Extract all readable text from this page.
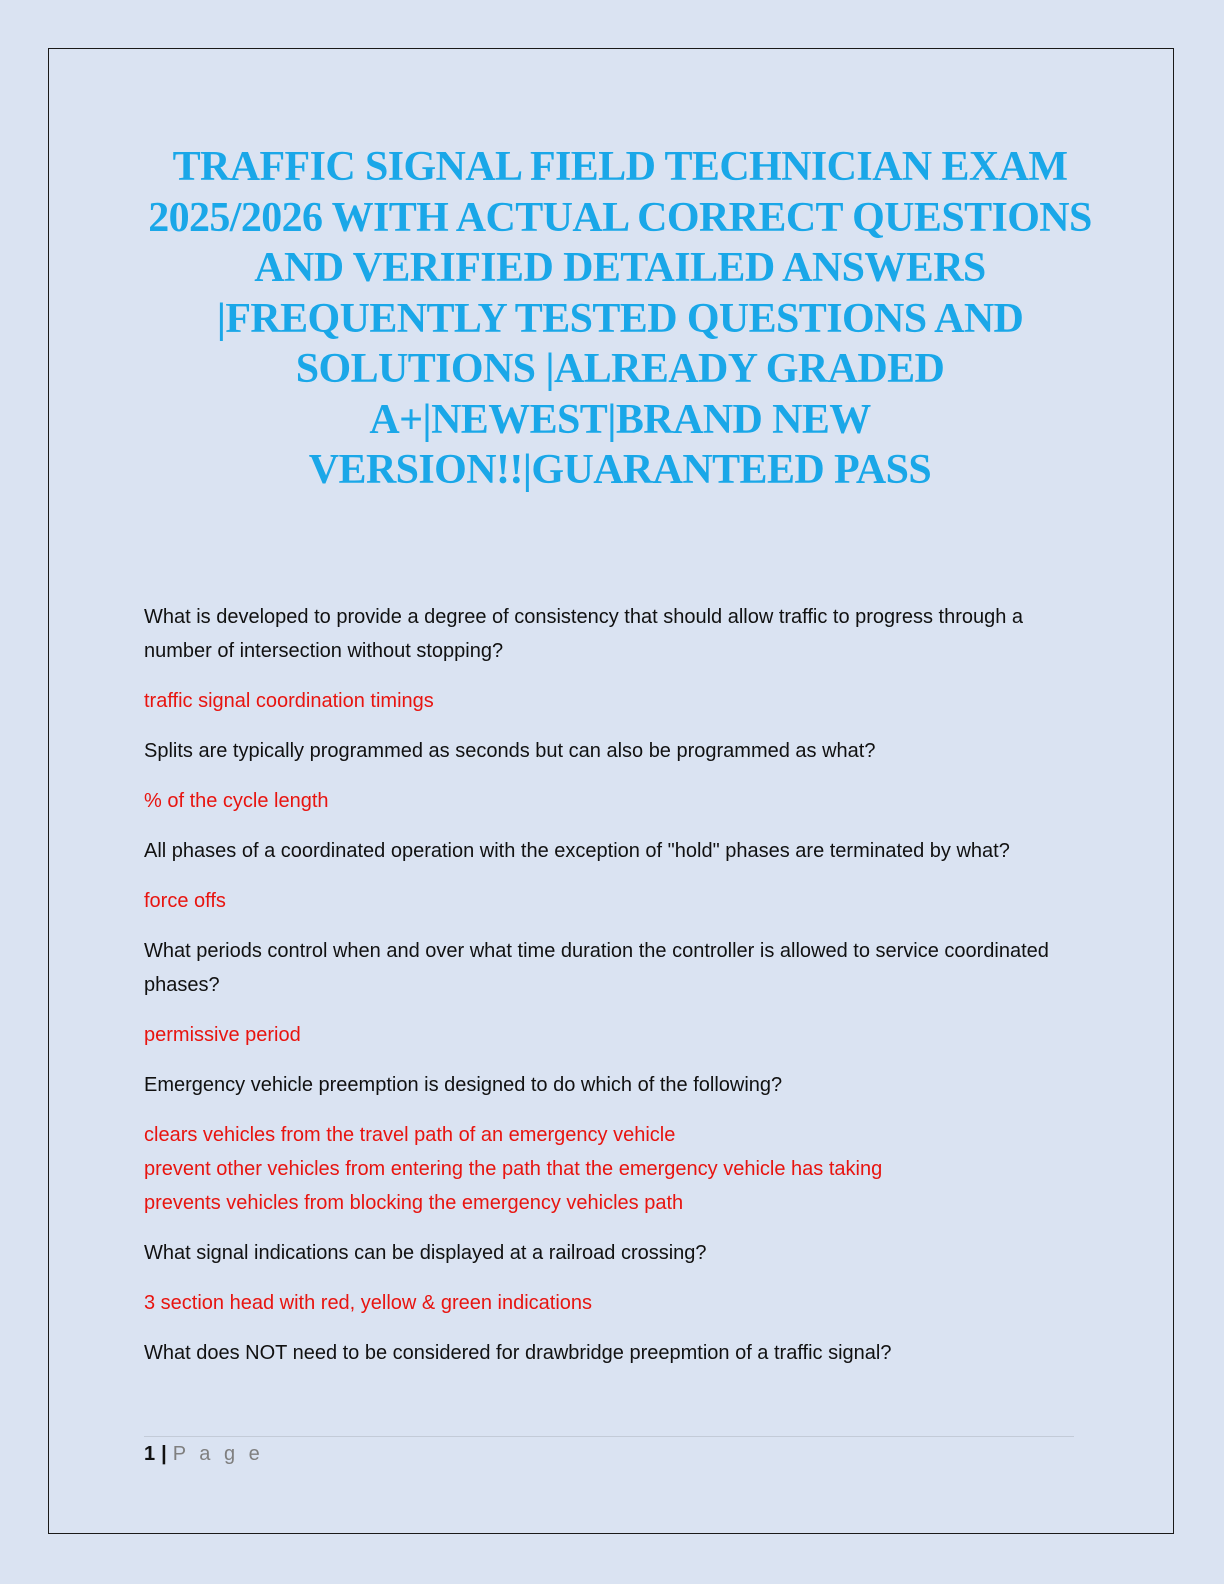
TRAFFIC SIGNAL FIELD TECHNICIAN EXAM 2025/2026 WITH ACTUAL CORRECT QUESTIONS AND VERIFIED DETAILED ANSWERS |FREQUENTLY TESTED QUESTIONS AND SOLUTIONS |ALREADY GRADED A+|NEWEST|BRAND NEW VERSION!!|GUARANTEED PASS

What is developed to provide a degree of consistency that should allow traffic to progress through a number of intersection without stopping?

traffic signal coordination timings

Splits are typically programmed as seconds but can also be programmed as what?

% of the cycle length

All phases of a coordinated operation with the exception of "hold" phases are terminated by what?

force offs

What periods control when and over what time duration the controller is allowed to service coordinated phases?

permissive period

Emergency vehicle preemption is designed to do which of the following?

clears vehicles from the travel path of an emergency vehicle
prevent other vehicles from entering the path that the emergency vehicle has taking
prevents vehicles from blocking the emergency vehicles path

What signal indications can be displayed at a railroad crossing?

3 section head with red, yellow & green indications

What does NOT need to be considered for drawbridge preepmtion of a traffic signal?

1 | P a g e
